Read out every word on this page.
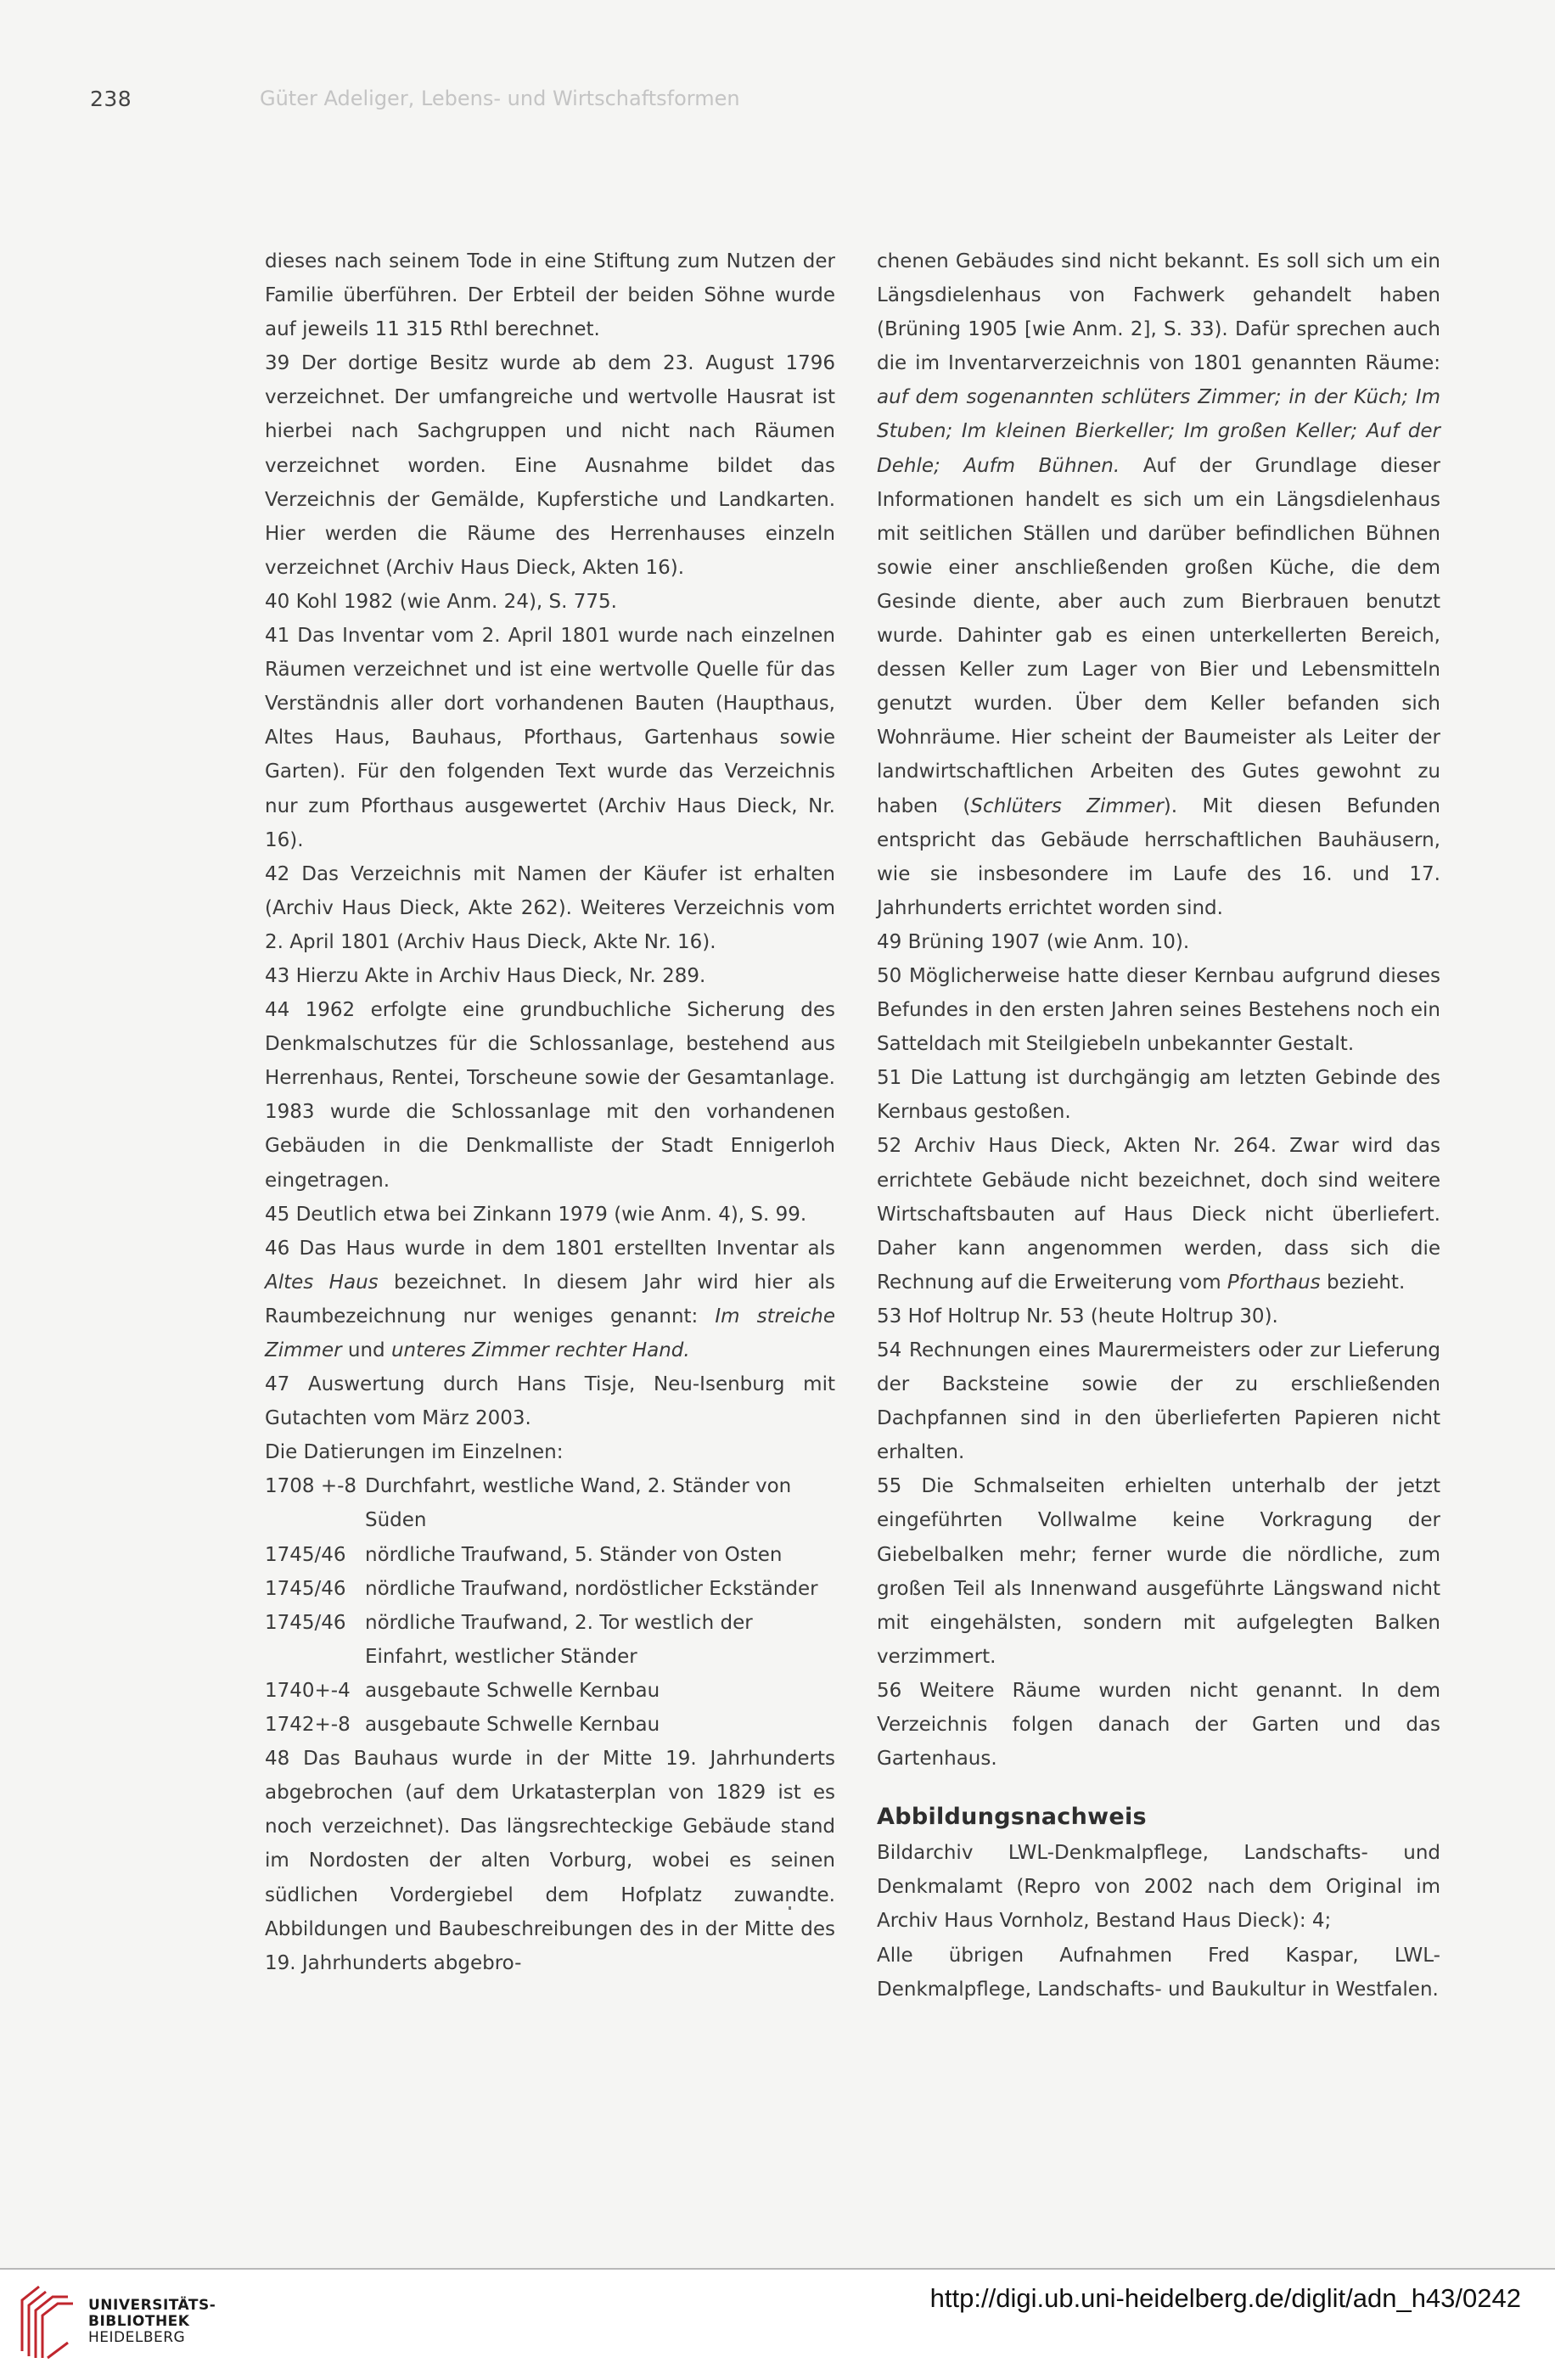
238	Güter Adeliger, Lebens- und Wirtschaftsformen

dieses nach seinem Tode in eine Stiftung zum Nutzen der Familie überführen. Der Erbteil der beiden Söhne wurde auf jeweils 11 315 Rthl berechnet.

39 Der dortige Besitz wurde ab dem 23. August 1796 verzeichnet. Der umfangreiche und wertvolle Hausrat ist hierbei nach Sachgruppen und nicht nach Räumen verzeichnet worden. Eine Ausnahme bildet das Verzeichnis der Gemälde, Kupferstiche und Landkarten. Hier werden die Räume des Herrenhauses einzeln verzeichnet (Archiv Haus Dieck, Akten 16).

40 Kohl 1982 (wie Anm. 24), S. 775.

41 Das Inventar vom 2. April 1801 wurde nach einzelnen Räumen verzeichnet und ist eine wertvolle Quelle für das Verständnis aller dort vorhandenen Bauten (Haupthaus, Altes Haus, Bauhaus, Pforthaus, Gartenhaus sowie Garten). Für den folgenden Text wurde das Verzeichnis nur zum Pforthaus ausgewertet (Archiv Haus Dieck, Nr. 16).

42 Das Verzeichnis mit Namen der Käufer ist erhalten (Archiv Haus Dieck, Akte 262). Weiteres Verzeichnis vom 2. April 1801 (Archiv Haus Dieck, Akte Nr. 16).

43 Hierzu Akte in Archiv Haus Dieck, Nr. 289.

44 1962 erfolgte eine grundbuchliche Sicherung des Denkmalschutzes für die Schlossanlage, bestehend aus Herrenhaus, Rentei, Torscheune sowie der Gesamtanlage. 1983 wurde die Schlossanlage mit den vorhandenen Gebäuden in die Denkmalliste der Stadt Ennigerloh eingetragen.

45 Deutlich etwa bei Zinkann 1979 (wie Anm. 4), S. 99.

46 Das Haus wurde in dem 1801 erstellten Inventar als Altes Haus bezeichnet. In diesem Jahr wird hier als Raumbezeichnung nur weniges genannt: Im streiche Zimmer und unteres Zimmer rechter Hand.

47 Auswertung durch Hans Tisje, Neu-Isenburg mit Gutachten vom März 2003.

Die Datierungen im Einzelnen:

1708 +-8 Durchfahrt, westliche Wand, 2. Ständer von Süden
1745/46 nördliche Traufwand, 5. Ständer von Osten
1745/46 nördliche Traufwand, nordöstlicher Eckständer
1745/46 nördliche Traufwand, 2. Tor westlich der Einfahrt, westlicher Ständer
1740+-4 ausgebaute Schwelle Kernbau
1742+-8 ausgebaute Schwelle Kernbau

48 Das Bauhaus wurde in der Mitte 19. Jahrhunderts abgebrochen (auf dem Urkatasterplan von 1829 ist es noch verzeichnet). Das längsrechteckige Gebäude stand im Nordosten der alten Vorburg, wobei es seinen südlichen Vordergiebel dem Hofplatz zuwandte. Abbildungen und Baubeschreibungen des in der Mitte des 19. Jahrhunderts abgebro-

chenen Gebäudes sind nicht bekannt. Es soll sich um ein Längsdielenhaus von Fachwerk gehandelt haben (Brüning 1905 [wie Anm. 2], S. 33). Dafür sprechen auch die im Inventarverzeichnis von 1801 genannten Räume: auf dem sogenannten schlüters Zimmer; in der Küch; Im Stuben; Im kleinen Bierkeller; Im großen Keller; Auf der Dehle; Aufm Bühnen. Auf der Grundlage dieser Informationen handelt es sich um ein Längsdielenhaus mit seitlichen Ställen und darüber befindlichen Bühnen sowie einer anschließenden großen Küche, die dem Gesinde diente, aber auch zum Bierbrauen benutzt wurde. Dahinter gab es einen unterkellerten Bereich, dessen Keller zum Lager von Bier und Lebensmitteln genutzt wurden. Über dem Keller befanden sich Wohnräume. Hier scheint der Baumeister als Leiter der landwirtschaftlichen Arbeiten des Gutes gewohnt zu haben (Schlüters Zimmer). Mit diesen Befunden entspricht das Gebäude herrschaftlichen Bauhäusern, wie sie insbesondere im Laufe des 16. und 17. Jahrhunderts errichtet worden sind.

49 Brüning 1907 (wie Anm. 10).

50 Möglicherweise hatte dieser Kernbau aufgrund dieses Befundes in den ersten Jahren seines Bestehens noch ein Satteldach mit Steilgiebeln unbekannter Gestalt.

51 Die Lattung ist durchgängig am letzten Gebinde des Kernbaus gestoßen.

52 Archiv Haus Dieck, Akten Nr. 264. Zwar wird das errichtete Gebäude nicht bezeichnet, doch sind weitere Wirtschaftsbauten auf Haus Dieck nicht überliefert. Daher kann angenommen werden, dass sich die Rechnung auf die Erweiterung vom Pforthaus bezieht.

53 Hof Holtrup Nr. 53 (heute Holtrup 30).

54 Rechnungen eines Maurermeisters oder zur Lieferung der Backsteine sowie der zu erschließenden Dachpfannen sind in den überlieferten Papieren nicht erhalten.

55 Die Schmalseiten erhielten unterhalb der jetzt eingeführten Vollwalme keine Vorkragung der Giebelbalken mehr; ferner wurde die nördliche, zum großen Teil als Innenwand ausgeführte Längswand nicht mit eingehälsten, sondern mit aufgelegten Balken verzimmert.

56 Weitere Räume wurden nicht genannt. In dem Verzeichnis folgen danach der Garten und das Gartenhaus.

Abbildungsnachweis

Bildarchiv LWL-Denkmalpflege, Landschafts- und Denkmalamt (Repro von 2002 nach dem Original im Archiv Haus Vornholz, Bestand Haus Dieck): 4;

Alle übrigen Aufnahmen Fred Kaspar, LWL-Denkmalpflege, Landschafts- und Baukultur in Westfalen.

UNIVERSITÄTS-
BIBLIOTHEK
HEIDELBERG
http://digi.ub.uni-heidelberg.de/diglit/adn_h43/0242
